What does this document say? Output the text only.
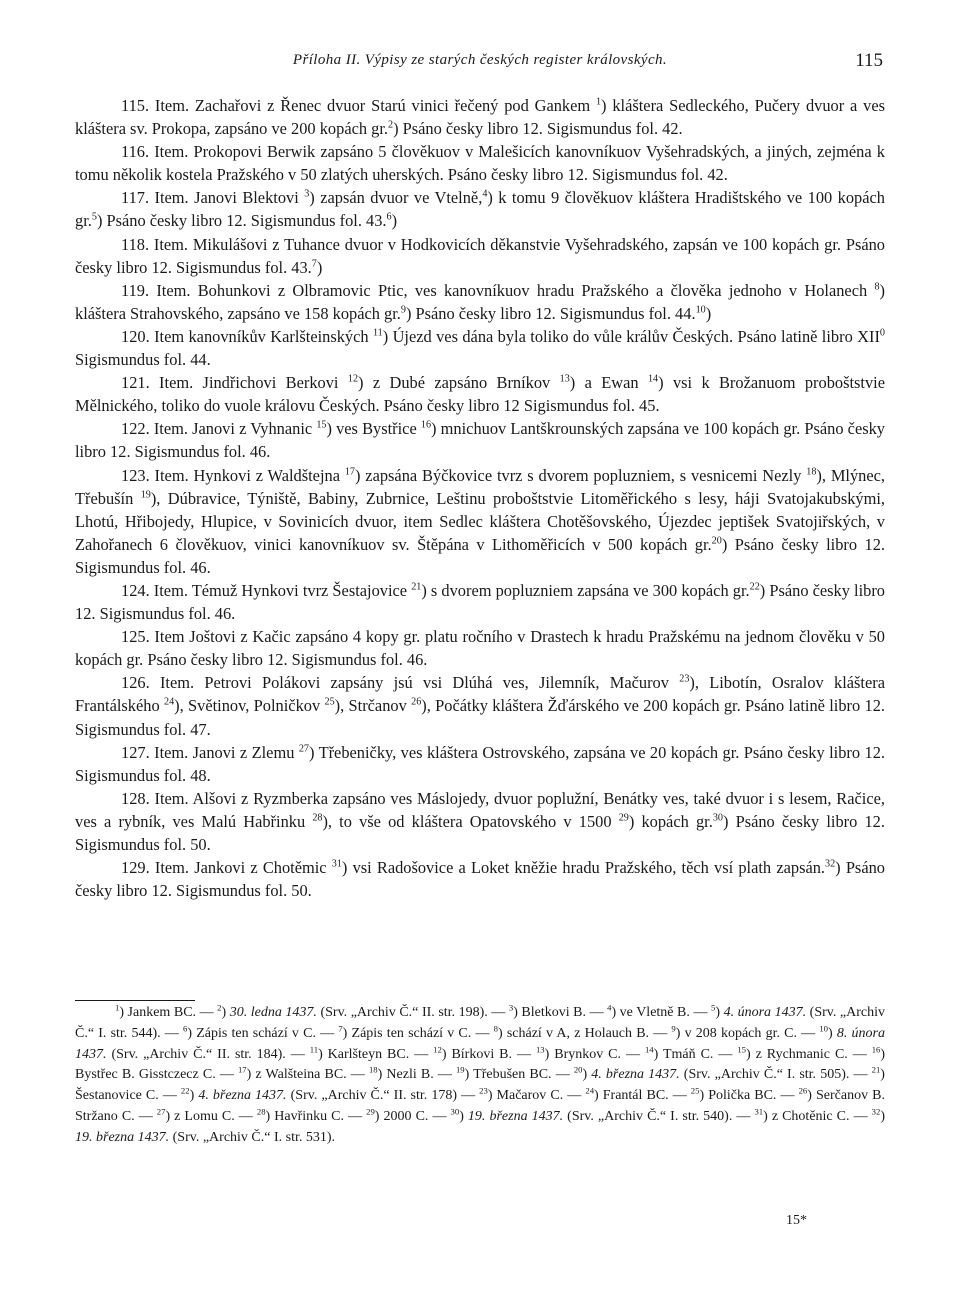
Příloha II. Výpisy ze starých českých register královských.	115

115. Item. Zachařovi z Řenec dvuor Starú vinici řečený pod Gankem $^1$) kláštera Sedleckého, Pučery dvuor a ves kláštera sv. Prokopa, zapsáno ve 200 kopách gr.$^2$) Psáno česky libro 12. Sigismundus fol. 42.

116. Item. Prokopovi Berwik zapsáno 5 člověkuov v Malešicích kanovníkuov Vyšehradských, a jiných, zejména k tomu několik kostela Pražského v 50 zlatých uherských. Psáno česky libro 12. Sigismundus fol. 42.

117. Item. Janovi Blektovi $^3$) zapsán dvuor ve Vtelně,$^4$) k tomu 9 člověkuov kláštera Hradištského ve 100 kopách gr.$^5$) Psáno česky libro 12. Sigismundus fol. 43.$^6$)

118. Item. Mikulášovi z Tuhance dvuor v Hodkovicích děkanstvie Vyšehradského, zapsán ve 100 kopách gr. Psáno česky libro 12. Sigismundus fol. 43.$^7$)

119. Item. Bohunkovi z Olbramovic Ptic, ves kanovníkuov hradu Pražského a člověka jednoho v Holanech $^8$) kláštera Strahovského, zapsáno ve 158 kopách gr.$^9$) Psáno česky libro 12. Sigismundus fol. 44.10)

120. Item kanovníkův Karlšteinských $^{11}$) Újezd ves dána byla toliko do vůle králův Českých. Psáno latině libro XII$^0$ Sigismundus fol. 44.

121. Item. Jindřichovi Berkovi $^{12}$) z Dubé zapsáno Brníkov $^{13}$) a Ewan $^{14}$) vsi k Brožanuom proboštstvie Mělnického, toliko do vuole královu Českých. Psáno česky libro 12 Sigismundus fol. 45.

122. Item. Janovi z Vyhnanic $^{15}$) ves Bystřice $^{16}$) mnichuov Lantškrounských zapsána ve 100 kopách gr. Psáno česky libro 12. Sigismundus fol. 46.

123. Item. Hynkovi z Waldštejna $^{17}$) zapsána Býčkovice tvrz s dvorem popluzniem, s vesnicemi Nezly $^{18}$), Mlýnec, Třebušín $^{19}$), Dúbravice, Týniště, Babiny, Zubrnice, Leštinu proboštstvie Litoměřického s lesy, háji Svatojakubskými, Lhotú, Hřibojedy, Hlupice, v Sovinicích dvuor, item Sedlec kláštera Chotěšovského, Újezdec jeptišek Svatojiřských, v Zahořanech 6 člověkuov, vinici kanovníkuov sv. Štěpána v Lithoměřicích v 500 kopách gr.$^{20}$) Psáno česky libro 12. Sigismundus fol. 46.

124. Item. Témuž Hynkovi tvrz Šestajovice $^{21}$) s dvorem popluzniem zapsána ve 300 kopách gr.$^{22}$) Psáno česky libro 12. Sigismundus fol. 46.

125. Item Joštovi z Kačic zapsáno 4 kopy gr. platu ročního v Drastech k hradu Pražskému na jednom člověku v 50 kopách gr. Psáno česky libro 12. Sigismundus fol. 46.

126. Item. Petrovi Polákovi zapsány jsú vsi Dlúhá ves, Jilemník, Mačurov $^{23}$), Libotín, Osralov kláštera Frantálského $^{24}$), Světinov, Polničkov $^{25}$), Strčanov $^{26}$), Počátky kláštera Žďárského ve 200 kopách gr. Psáno latině libro 12. Sigismundus fol. 47.

127. Item. Janovi z Zlemu $^{27}$) Třebeničky, ves kláštera Ostrovského, zapsána ve 20 kopách gr. Psáno česky libro 12. Sigismundus fol. 48.

128. Item. Alšovi z Ryzmberka zapsáno ves Máslojedy, dvuor poplužní, Benátky ves, také dvuor i s lesem, Račice, ves a rybník, ves Malú Habřinku $^{28}$), to vše od kláštera Opatovského v 1500 $^{29}$) kopách gr.$^{30}$) Psáno česky libro 12. Sigismundus fol. 50.

129. Item. Jankovi z Chotěmic $^{31}$) vsi Radošovice a Loket kněžie hradu Pražského, těch vsí plath zapsán.$^{32}$) Psáno česky libro 12. Sigismundus fol. 50.

$^1$) Jankem BC. — $^2$) 30. ledna 1437. (Srv. „Archiv Č.“ II. str. 198). — $^3$) Bletkovi B. — $^4$) ve Vletně B. — $^5$) 4. února 1437. (Srv. „Archiv Č.“ I. str. 544). — $^6$) Zápis ten schází v C. — $^7$) Zápis ten schází v C. — $^8$) schází v A, z Holauch B. — $^9$) v 208 kopách gr. C. — $^{10}$) 8. února 1437. (Srv. „Archiv Č.“ II. str. 184). — $^{11}$) Karlšteyn BC. — $^{12}$) Bírkovi B. — $^{13}$) Brynkov C. — $^{14}$) Tmáň C. — $^{15}$) z Rychmanic C. — $^{16}$) Bystřec B. Gisstczecz C. — $^{17}$) z Walšteina BC. — $^{18}$) Nezli B. — $^{19}$) Třebušen BC. — $^{20}$) 4. března 1437. (Srv. „Archiv Č.“ I. str. 505). — $^{21}$) Šestanovice C. — $^{22}$) 4. března 1437. (Srv. „Archiv Č.“ II. str. 178) — $^{23}$) Mačarov C. — $^{24}$) Frantál BC. — $^{25}$) Polička BC. — $^{26}$) Serčanov B. Stržano C. — $^{27}$) z Lomu C. — $^{28}$) Havřinku C. — $^{29}$) 2000 C. — $^{30}$) 19. března 1437. (Srv. „Archiv Č.“ I. str. 540). — $^{31}$) z Chotěnic C. — $^{32}$) 19. března 1437. (Srv. „Archiv Č.“ I. str. 531).

15*
